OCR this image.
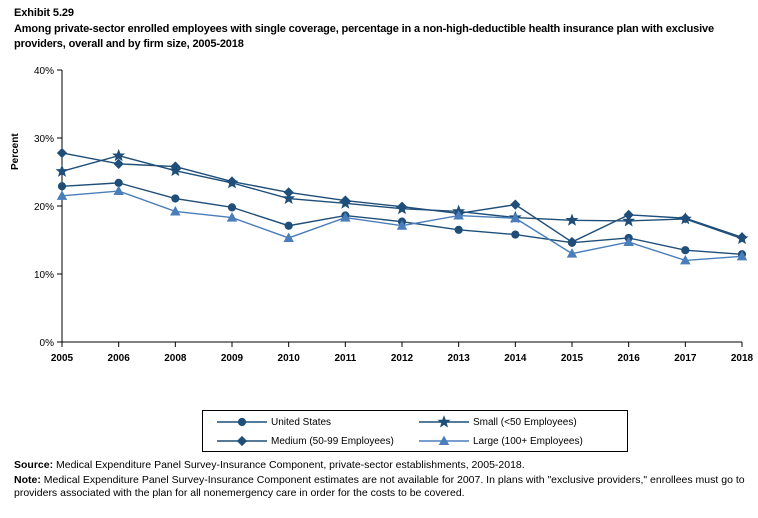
Exhibit 5.29
Among private-sector enrolled employees with single coverage, percentage in a non-high-deductible health insurance plan with exclusive providers, overall and by firm size, 2005-2018
Percent
0%
10%
20%
30%
40%
2005	2006	2008	2009	2010	2011	2012	2013	2014	2015	2016	2017	2018
United States	Small (<50 Employees)
Medium (50-99 Employees)	Large (100+ Employees)
Source: Medical Expenditure Panel Survey-Insurance Component, private-sector establishments, 2005-2018.
Note: Medical Expenditure Panel Survey-Insurance Component estimates are not available for 2007. In plans with "exclusive providers," enrollees must go to providers associated with the plan for all nonemergency care in order for the costs to be covered.
